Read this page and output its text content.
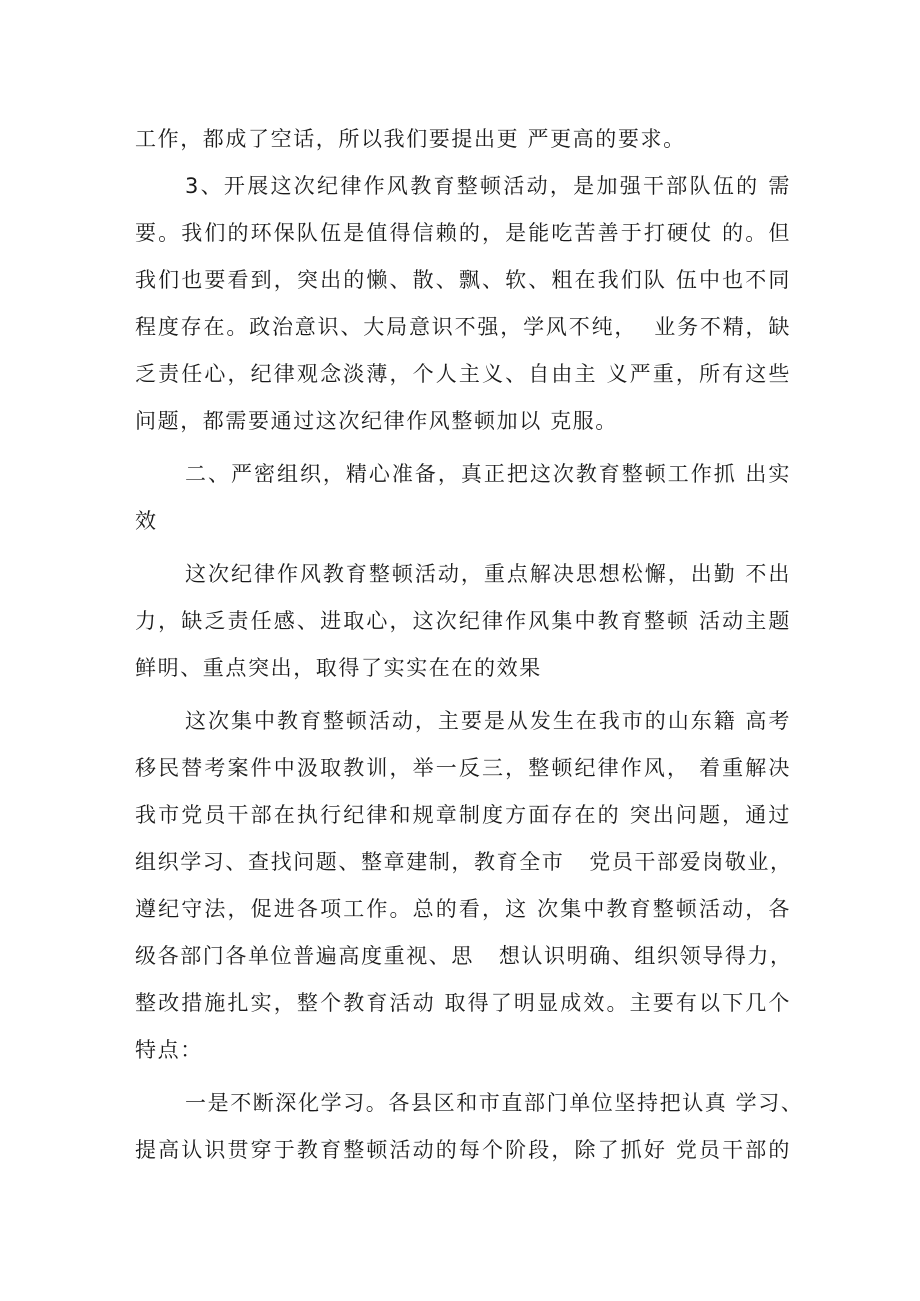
工作，都成了空话，所以我们要提出更 严更高的要求。
3、开展这次纪律作风教育整顿活动，是加强干部队伍的 需
要。我们的环保队伍是值得信赖的，是能吃苦善于打硬仗 的。但
我们也要看到，突出的懒、散、飘、软、粗在我们队 伍中也不同
程度存在。政治意识、大局意识不强，学风不纯，  业务不精，缺
乏责任心，纪律观念淡薄，个人主义、自由主 义严重，所有这些
问题，都需要通过这次纪律作风整顿加以 克服。
二、严密组织，精心准备，真正把这次教育整顿工作抓 出实
效
这次纪律作风教育整顿活动，重点解决思想松懈，出勤 不出
力，缺乏责任感、进取心，这次纪律作风集中教育整顿 活动主题
鲜明、重点突出，取得了实实在在的效果
这次集中教育整顿活动，主要是从发生在我市的山东籍 高考
移民替考案件中汲取教训，举一反三，整顿纪律作风， 着重解决
我市党员干部在执行纪律和规章制度方面存在的 突出问题，通过
组织学习、查找问题、整章建制，教育全市   党员干部爱岗敬业，
遵纪守法，促进各项工作。总的看，这 次集中教育整顿活动，各
级各部门各单位普遍高度重视、思   想认识明确、组织领导得力，
整改措施扎实，整个教育活动 取得了明显成效。主要有以下几个
特点：
一是不断深化学习。各县区和市直部门单位坚持把认真 学习、
提高认识贯穿于教育整顿活动的每个阶段，除了抓好 党员干部的
